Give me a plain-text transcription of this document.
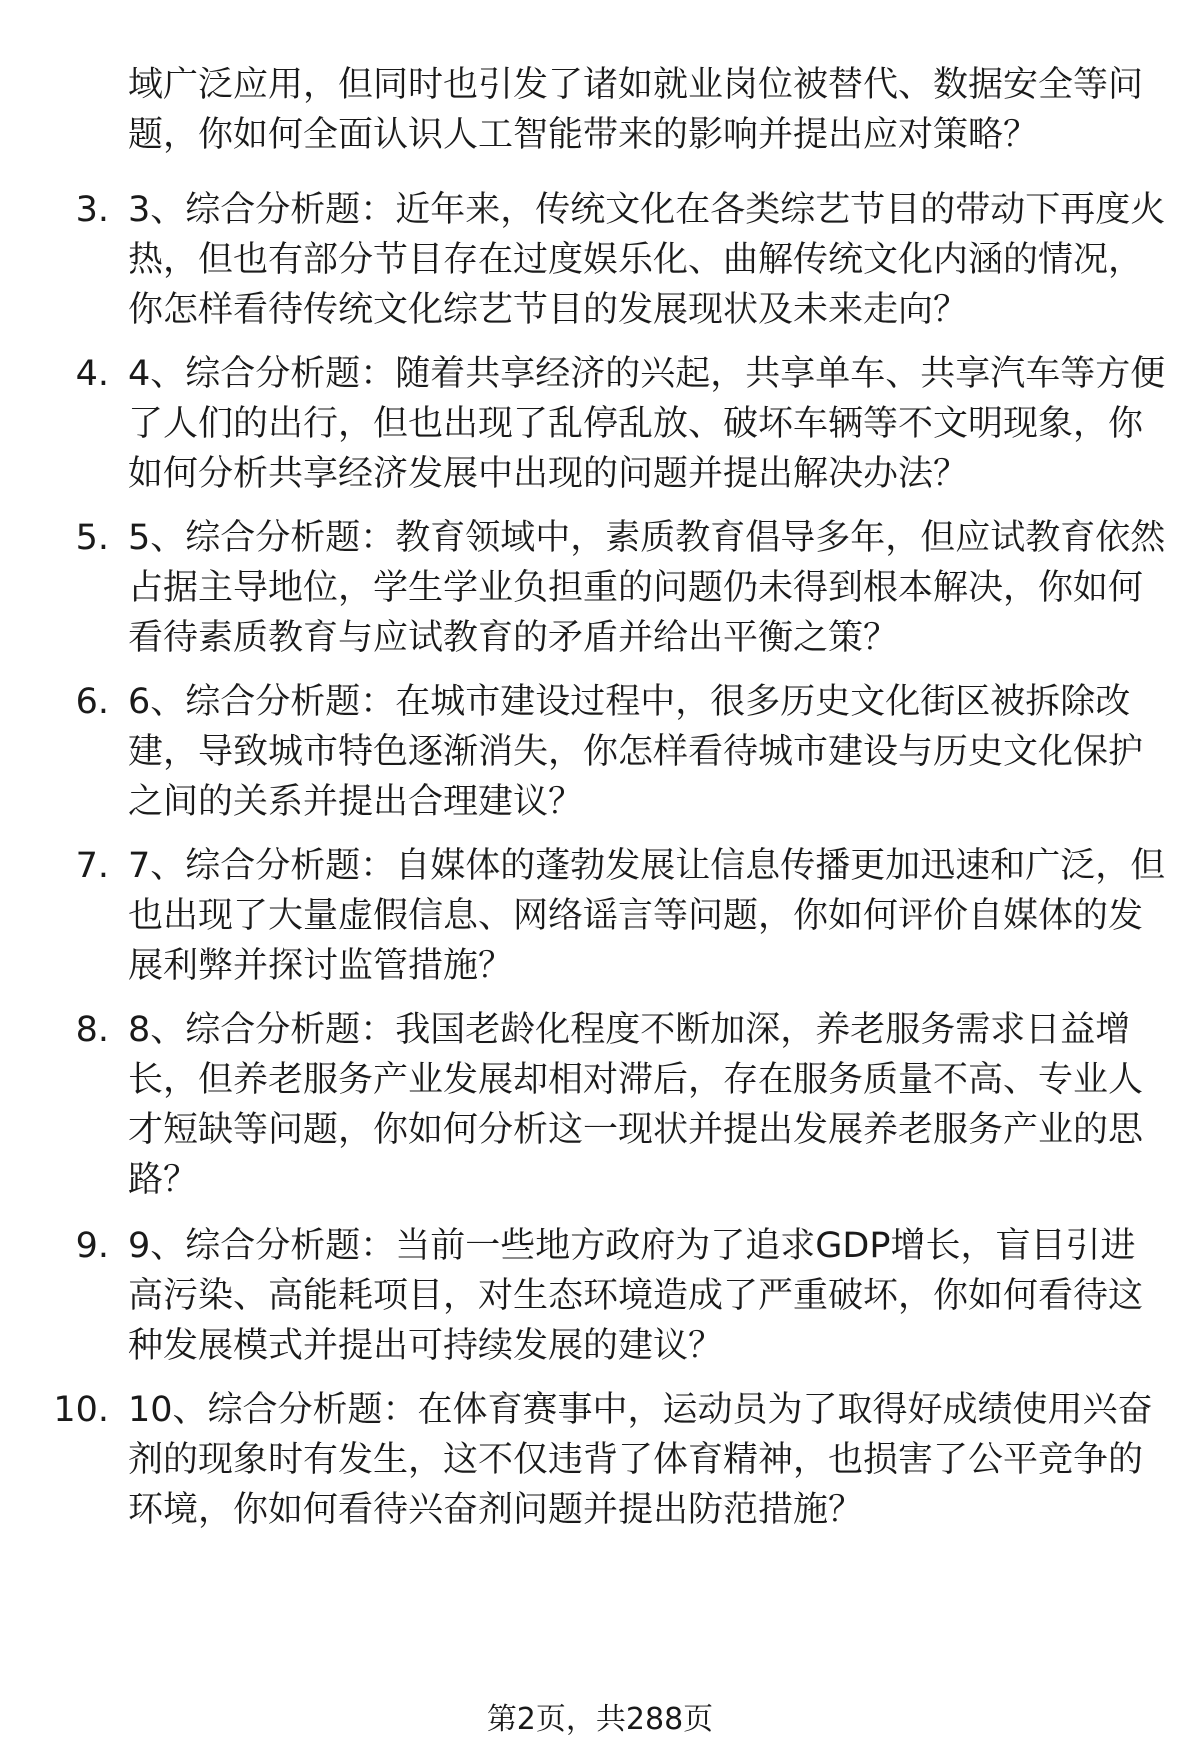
域广泛应用，但同时也引发了诸如就业岗位被替代、数据安全等问题，你如何全面认识人工智能带来的影响并提出应对策略？
3. 3、综合分析题：近年来，传统文化在各类综艺节目的带动下再度火热，但也有部分节目存在过度娱乐化、曲解传统文化内涵的情况，你怎样看待传统文化综艺节目的发展现状及未来走向？
4. 4、综合分析题：随着共享经济的兴起，共享单车、共享汽车等方便了人们的出行，但也出现了乱停乱放、破坏车辆等不文明现象，你如何分析共享经济发展中出现的问题并提出解决办法？
5. 5、综合分析题：教育领域中，素质教育倡导多年，但应试教育依然占据主导地位，学生学业负担重的问题仍未得到根本解决，你如何看待素质教育与应试教育的矛盾并给出平衡之策？
6. 6、综合分析题：在城市建设过程中，很多历史文化街区被拆除改建，导致城市特色逐渐消失，你怎样看待城市建设与历史文化保护之间的关系并提出合理建议？
7. 7、综合分析题：自媒体的蓬勃发展让信息传播更加迅速和广泛，但也出现了大量虚假信息、网络谣言等问题，你如何评价自媒体的发展利弊并探讨监管措施？
8. 8、综合分析题：我国老龄化程度不断加深，养老服务需求日益增长，但养老服务产业发展却相对滞后，存在服务质量不高、专业人才短缺等问题，你如何分析这一现状并提出发展养老服务产业的思路？
9. 9、综合分析题：当前一些地方政府为了追求GDP增长，盲目引进高污染、高能耗项目，对生态环境造成了严重破坏，你如何看待这种发展模式并提出可持续发展的建议？
10. 10、综合分析题：在体育赛事中，运动员为了取得好成绩使用兴奋剂的现象时有发生，这不仅违背了体育精神，也损害了公平竞争的环境，你如何看待兴奋剂问题并提出防范措施？
第2页，共288页
